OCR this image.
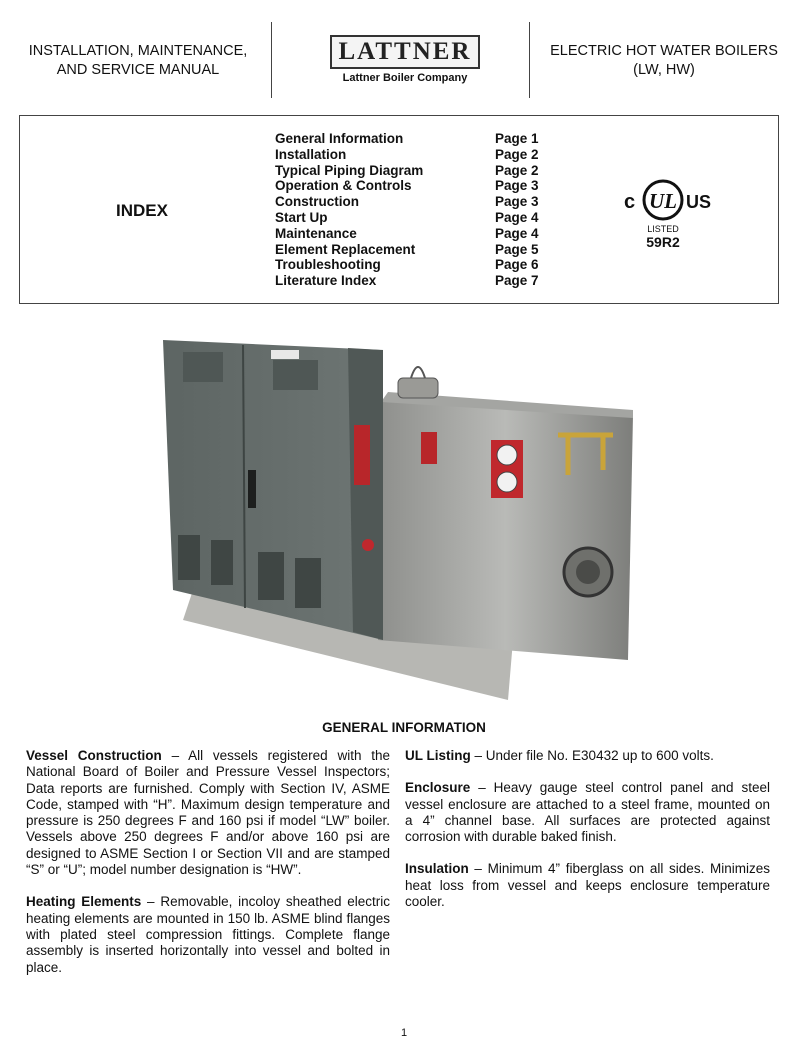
INSTALLATION, MAINTENANCE,
AND SERVICE MANUAL
LATTNER
Lattner Boiler Company
ELECTRIC HOT WATER BOILERS
(LW, HW)
INDEX
General Information	Page 1
Installation	Page 2
Typical Piping Diagram	Page 2
Operation & Controls	Page 3
Construction	Page 3
Start Up	Page 4
Maintenance	Page 4
Element Replacement	Page 5
Troubleshooting	Page 6
Literature Index	Page 7
c UL US
LISTED
59R2
GENERAL INFORMATION

Vessel Construction – All vessels registered with the National Board of Boiler and Pressure Vessel Inspectors; Data reports are furnished. Comply with Section IV, ASME Code, stamped with “H”. Maximum design temperature and pressure is 250 degrees F and 160 psi if model “LW” boiler. Vessels above 250 degrees F and/or above 160 psi are designed to ASME Section I or Section VII and are stamped “S” or “U”; model number designation is “HW”.

Heating Elements – Removable, incoloy sheathed electric heating elements are mounted in 150 lb. ASME blind flanges with plated steel compression fittings. Complete flange assembly is inserted horizontally into vessel and bolted in place.

UL Listing – Under file No. E30432 up to 600 volts.

Enclosure – Heavy gauge steel control panel and steel vessel enclosure are attached to a steel frame, mounted on a 4” channel base. All surfaces are protected against corrosion with durable baked finish.

Insulation – Minimum 4” fiberglass on all sides. Minimizes heat loss from vessel and keeps enclosure temperature cooler.

1
